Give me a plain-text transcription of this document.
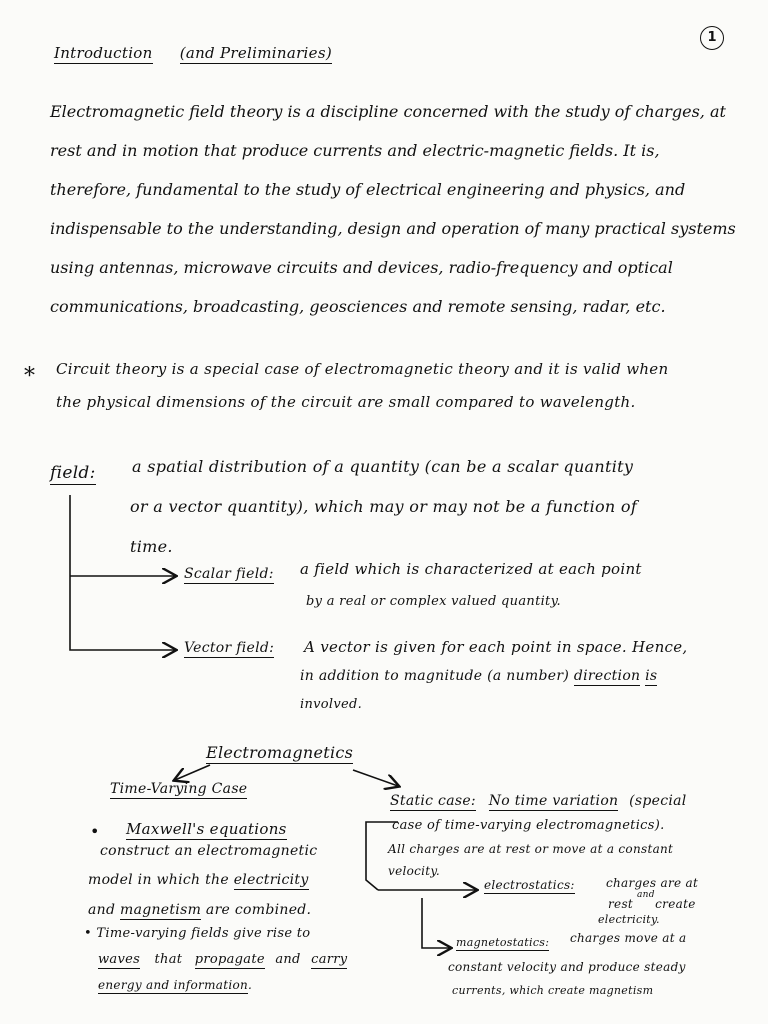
1
Introduction (and Preliminaries)
Electromagnetic field theory is a discipline concerned with the study of charges, at rest and in motion that produce currents and electric-magnetic fields. It is, therefore, fundamental to the study of electrical engineering and physics, and indispensable to the understanding, design and operation of many practical systems using antennas, microwave circuits and devices, radio-frequency and optical communications, broadcasting, geosciences and remote sensing, radar, etc.
* Circuit theory is a special case of electromagnetic theory and it is valid when
the physical dimensions of the circuit are small compared to wavelength.
field: a spatial distribution of a quantity (can be a scalar quantity
or a vector quantity), which may or may not be a function of
time.
Scalar field: a field which is characterized at each point
by a real or complex valued quantity.
Vector field: A vector is given for each point in space. Hence,
in addition to magnitude (a number) direction is
involved.
Electromagnetics
Time-Varying Case
• Maxwell's equations
construct an electromagnetic
model in which the electricity
and magnetism are combined.
• Time-varying fields give rise to
waves that propagate and carry
energy and information.
Static case: No time variation (special
case of time-varying electromagnetics).
All charges are at rest or move at a constant
velocity.
electrostatics:	charges are at
and
rest create
electricity.
magnetostatics: charges move at a
constant velocity and produce steady
currents, which create magnetism
